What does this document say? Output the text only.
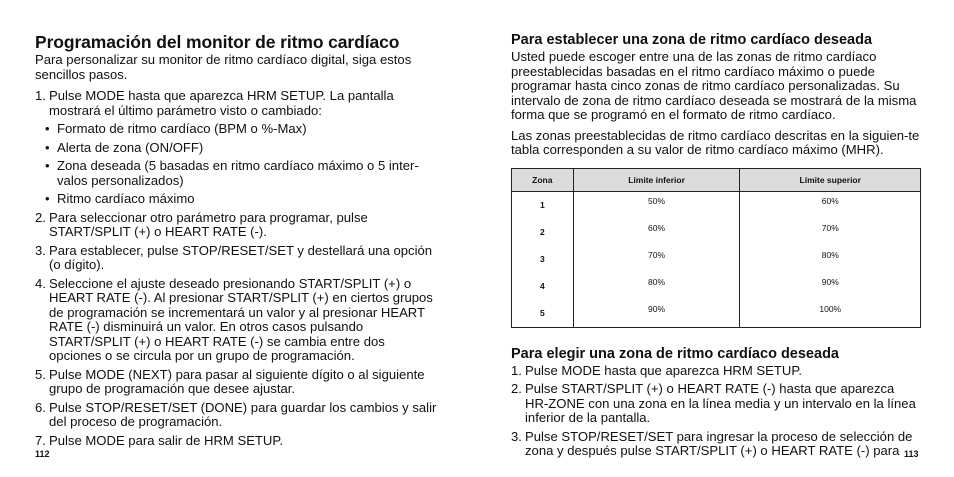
Programación del monitor de ritmo cardíaco

Para personalizar su monitor de ritmo cardíaco digital, siga estos sencillos pasos.

1. Pulse MODE hasta que aparezca HRM SETUP. La pantalla mostrará el último parámetro visto o cambiado:
• Formato de ritmo cardíaco (BPM o %-Max)
• Alerta de zona (ON/OFF)
• Zona deseada (5 basadas en ritmo cardíaco máximo o 5 inter-valos personalizados)
• Ritmo cardíaco máximo
2. Para seleccionar otro parámetro para programar, pulse START/SPLIT (+) o HEART RATE (-).
3. Para establecer, pulse STOP/RESET/SET y destellará una opción (o dígito).
4. Seleccione el ajuste deseado presionando START/SPLIT (+) o HEART RATE (-). Al presionar START/SPLIT (+) en ciertos grupos de programación se incrementará un valor y al presionar HEART RATE (-) disminuirá un valor. En otros casos pulsando START/SPLIT (+) o HEART RATE (-) se cambia entre dos opciones o se circula por un grupo de programación.
5. Pulse MODE (NEXT) para pasar al siguiente dígito o al siguiente grupo de programación que desee ajustar.
6. Pulse STOP/RESET/SET (DONE) para guardar los cambios y salir del proceso de programación.
7. Pulse MODE para salir de HRM SETUP.
112
Para establecer una zona de ritmo cardíaco deseada

Usted puede escoger entre una de las zonas de ritmo cardíaco preestablecidas basadas en el ritmo cardíaco máximo o puede programar hasta cinco zonas de ritmo cardíaco personalizadas. Su intervalo de zona de ritmo cardíaco deseada se mostrará de la misma forma que se programó en el formato de ritmo cardíaco.

Las zonas preestablecidas de ritmo cardíaco descritas en la siguien-te tabla corresponden a su valor de ritmo cardíaco máximo (MHR).

Zona	Límite inferior	Límite superior
1	50%	60%
2	60%	70%
3	70%	80%
4	80%	90%
5	90%	100%
Para elegir una zona de ritmo cardíaco deseada
1. Pulse MODE hasta que aparezca HRM SETUP.
2. Pulse START/SPLIT (+) o HEART RATE (-) hasta que aparezca HR-ZONE con una zona en la línea media y un intervalo en la línea inferior de la pantalla.
3. Pulse STOP/RESET/SET para ingresar la proceso de selección de zona y después pulse START/SPLIT (+) o HEART RATE (-) para 113
